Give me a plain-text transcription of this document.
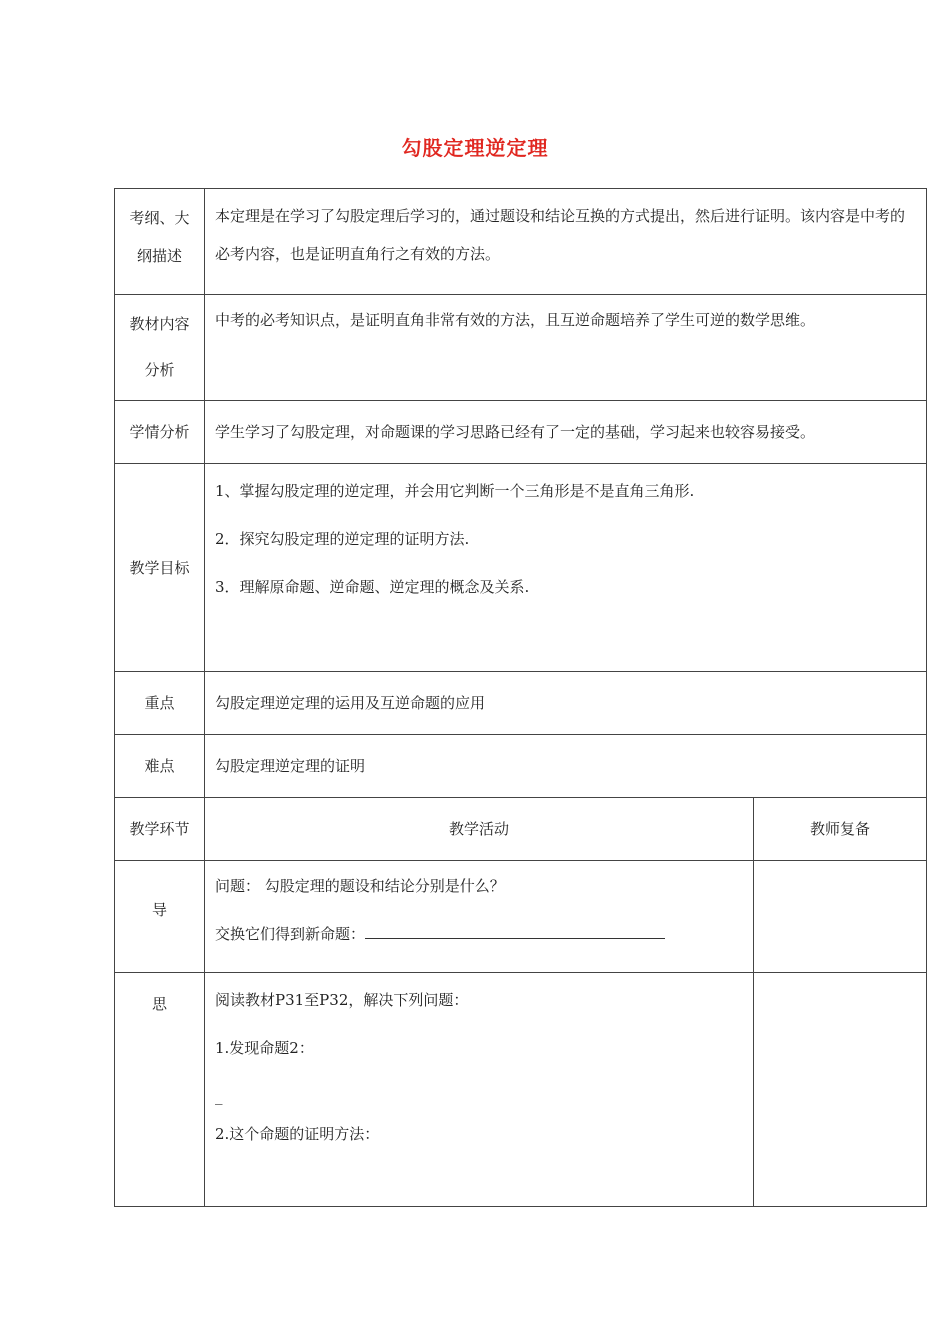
勾股定理逆定理
考纲、大
纲描述	本定理是在学习了勾股定理后学习的，通过题设和结论互换的方式提出，然后进行证明。该内容是中考的必考内容，也是证明直角行之有效的方法。	

教材内容
分析	中考的必考知识点，是证明直角非常有效的方法，且互逆命题培养了学生可逆的数学思维。	
学情分析	学生学习了勾股定理，对命题课的学习思路已经有了一定的基础，学习起来也较容易接受。	
教学目标	1、掌握勾股定理的逆定理，并会用它判断一个三角形是不是直角三角形.

2．探究勾股定理的逆定理的证明方法.

3．理解原命题、逆命题、逆定理的概念及关系.	

重点	勾股定理逆定理的运用及互逆命题的应用	
难点	勾股定理逆定理的证明	
教学环节	教学活动	教师复备
导	问题： 勾股定理的题设和结论分别是什么？

交换它们得到新命题：	

思	阅读教材P31至P32，解决下列问题：

1.发现命题2：

_

2.这个命题的证明方法：	
